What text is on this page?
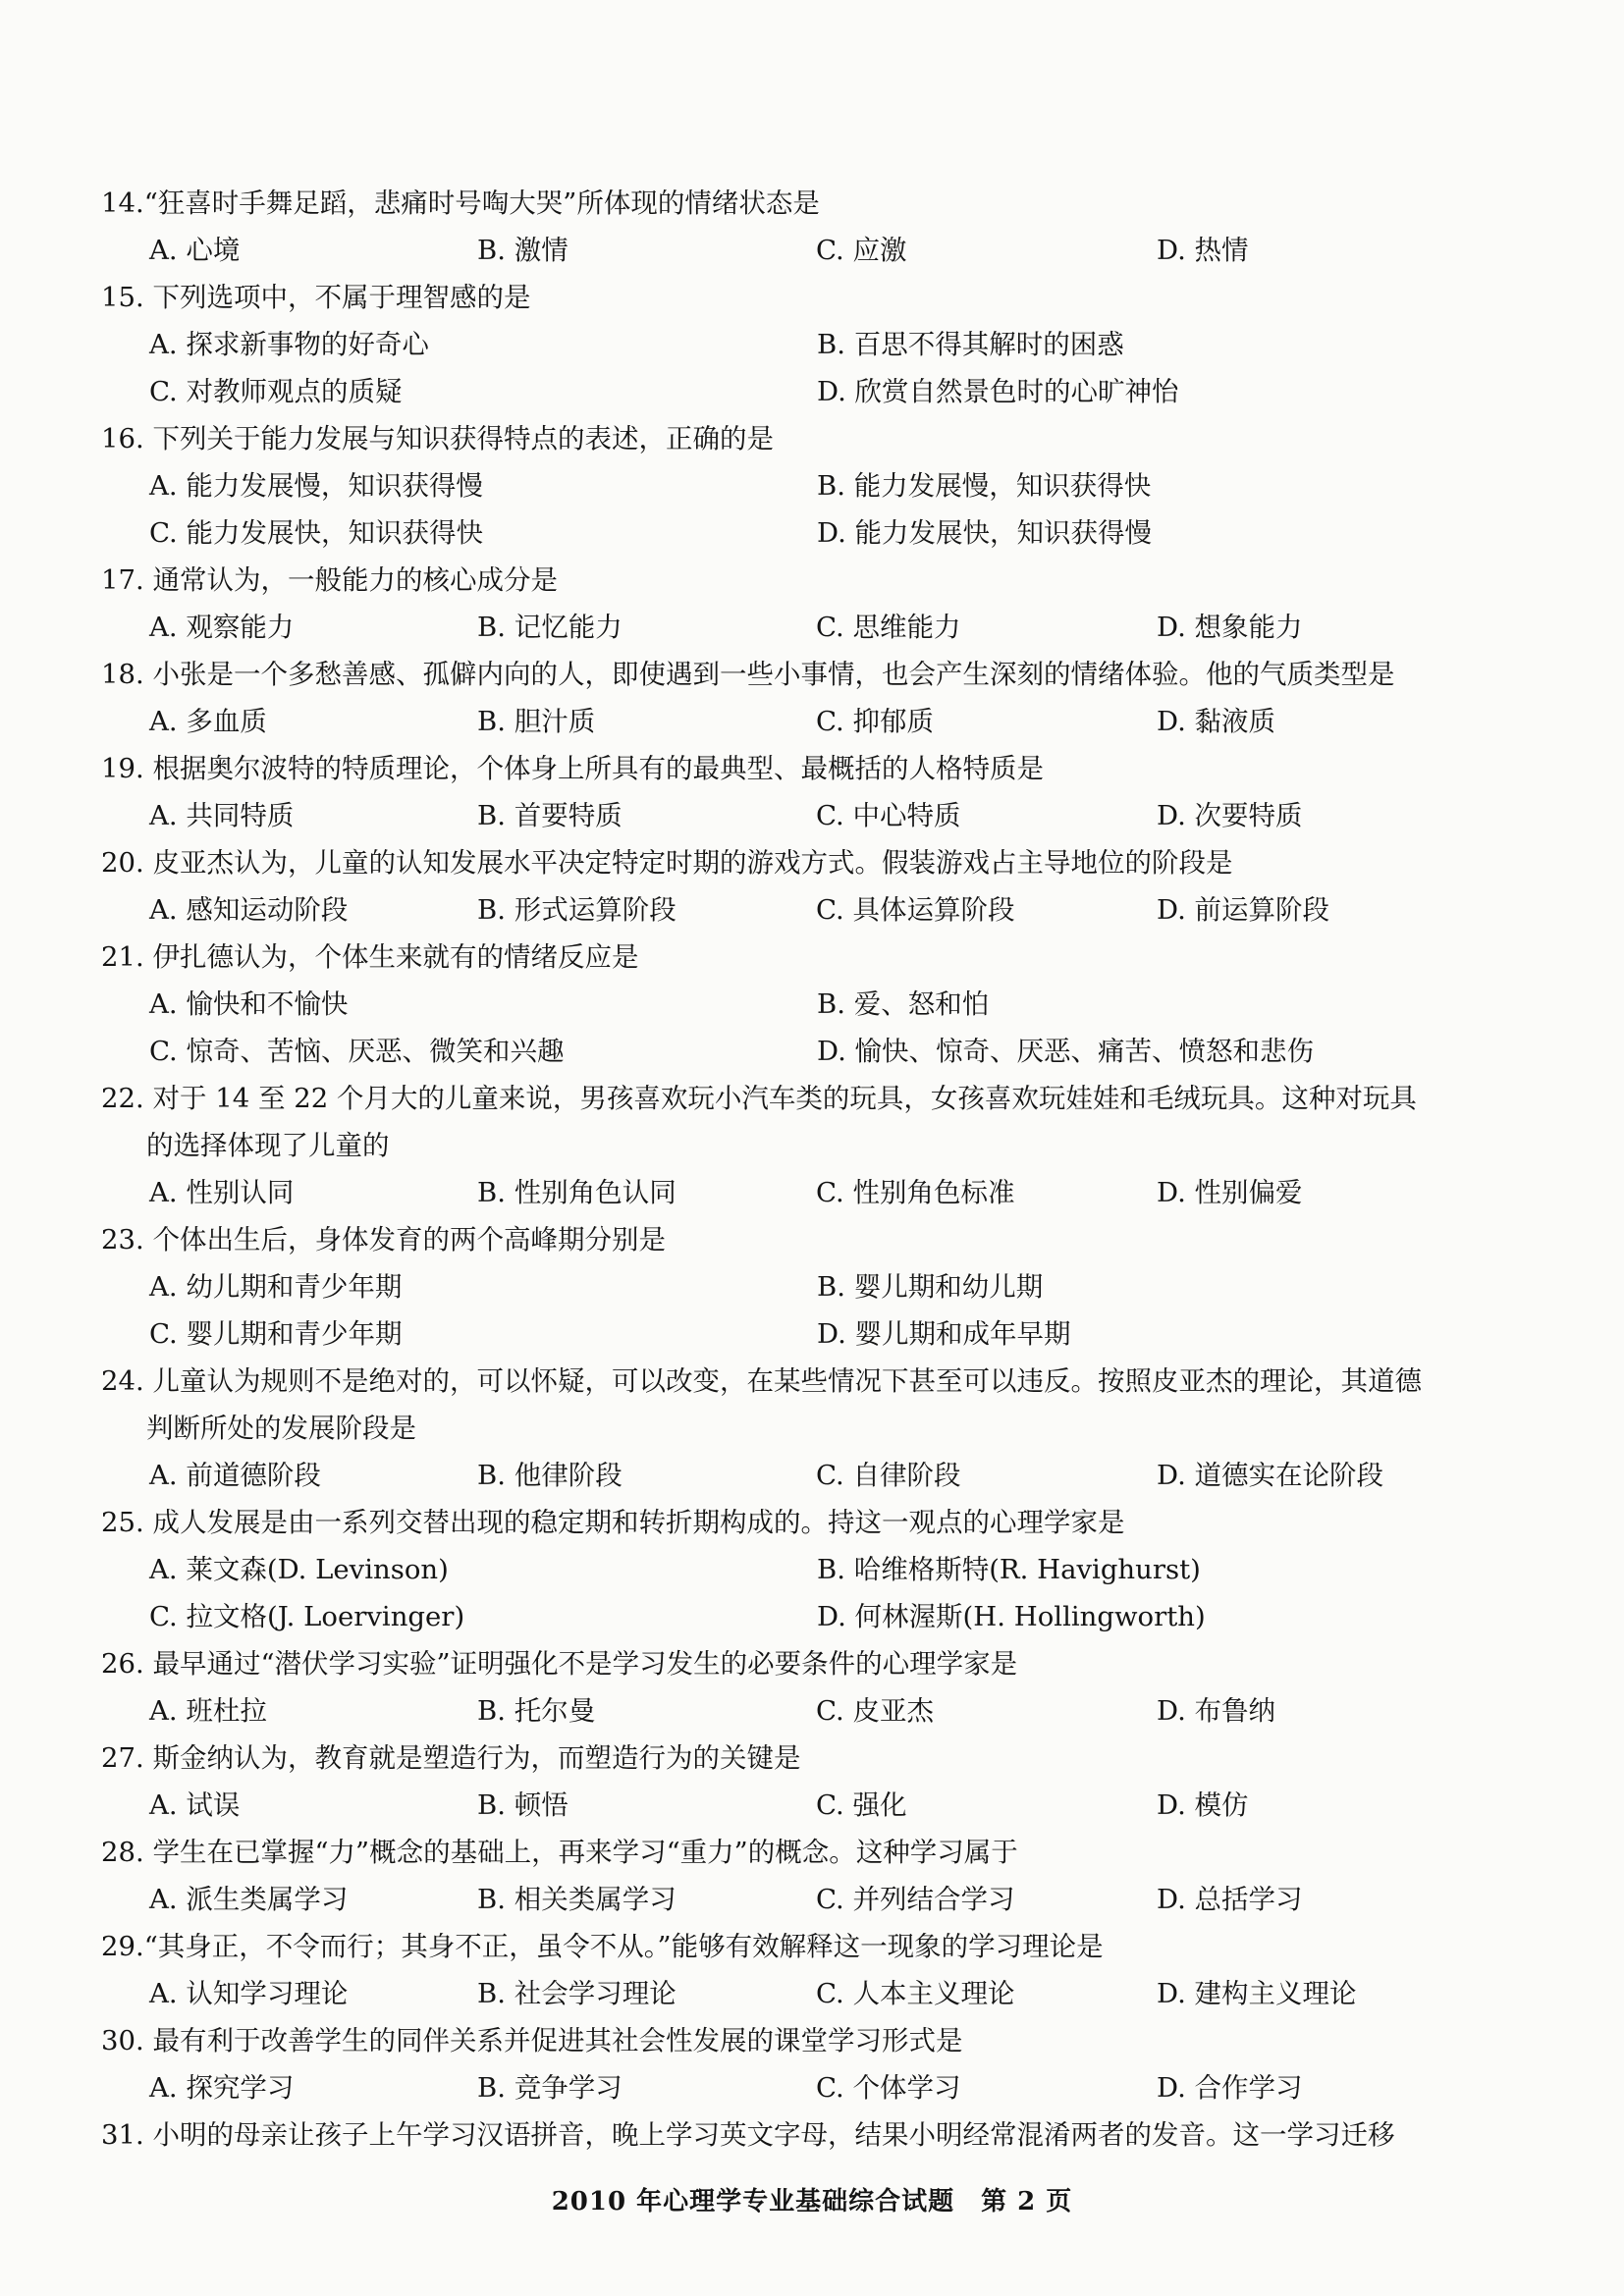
14.“狂喜时手舞足蹈，悲痛时号啕大哭”所体现的情绪状态是
A. 心境	B. 激情	C. 应激	D. 热情
15. 下列选项中，不属于理智感的是
A. 探求新事物的好奇心	B. 百思不得其解时的困惑
C. 对教师观点的质疑	D. 欣赏自然景色时的心旷神怡
16. 下列关于能力发展与知识获得特点的表述，正确的是
A. 能力发展慢，知识获得慢	B. 能力发展慢，知识获得快
C. 能力发展快，知识获得快	D. 能力发展快，知识获得慢
17. 通常认为，一般能力的核心成分是
A. 观察能力	B. 记忆能力	C. 思维能力	D. 想象能力
18. 小张是一个多愁善感、孤僻内向的人，即使遇到一些小事情，也会产生深刻的情绪体验。他的气质类型是
A. 多血质	B. 胆汁质	C. 抑郁质	D. 黏液质
19. 根据奥尔波特的特质理论，个体身上所具有的最典型、最概括的人格特质是
A. 共同特质	B. 首要特质	C. 中心特质	D. 次要特质
20. 皮亚杰认为，儿童的认知发展水平决定特定时期的游戏方式。假装游戏占主导地位的阶段是
A. 感知运动阶段	B. 形式运算阶段	C. 具体运算阶段	D. 前运算阶段
21. 伊扎德认为，个体生来就有的情绪反应是
A. 愉快和不愉快	B. 爱、怒和怕
C. 惊奇、苦恼、厌恶、微笑和兴趣	D. 愉快、惊奇、厌恶、痛苦、愤怒和悲伤
22. 对于 14 至 22 个月大的儿童来说，男孩喜欢玩小汽车类的玩具，女孩喜欢玩娃娃和毛绒玩具。这种对玩具
的选择体现了儿童的
A. 性别认同	B. 性别角色认同	C. 性别角色标准	D. 性别偏爱
23. 个体出生后，身体发育的两个高峰期分别是
A. 幼儿期和青少年期	B. 婴儿期和幼儿期
C. 婴儿期和青少年期	D. 婴儿期和成年早期
24. 儿童认为规则不是绝对的，可以怀疑，可以改变，在某些情况下甚至可以违反。按照皮亚杰的理论，其道德
判断所处的发展阶段是
A. 前道德阶段	B. 他律阶段	C. 自律阶段	D. 道德实在论阶段
25. 成人发展是由一系列交替出现的稳定期和转折期构成的。持这一观点的心理学家是
A. 莱文森(D. Levinson)	B. 哈维格斯特(R. Havighurst)
C. 拉文格(J. Loervinger)	D. 何林渥斯(H. Hollingworth)
26. 最早通过“潜伏学习实验”证明强化不是学习发生的必要条件的心理学家是
A. 班杜拉	B. 托尔曼	C. 皮亚杰	D. 布鲁纳
27. 斯金纳认为，教育就是塑造行为，而塑造行为的关键是
A. 试误	B. 顿悟	C. 强化	D. 模仿
28. 学生在已掌握“力”概念的基础上，再来学习“重力”的概念。这种学习属于
A. 派生类属学习	B. 相关类属学习	C. 并列结合学习	D. 总括学习
29.“其身正，不令而行；其身不正，虽令不从。”能够有效解释这一现象的学习理论是
A. 认知学习理论	B. 社会学习理论	C. 人本主义理论	D. 建构主义理论
30. 最有利于改善学生的同伴关系并促进其社会性发展的课堂学习形式是
A. 探究学习	B. 竞争学习	C. 个体学习	D. 合作学习
31. 小明的母亲让孩子上午学习汉语拼音，晚上学习英文字母，结果小明经常混淆两者的发音。这一学习迁移
2010 年心理学专业基础综合试题　第 2 页
